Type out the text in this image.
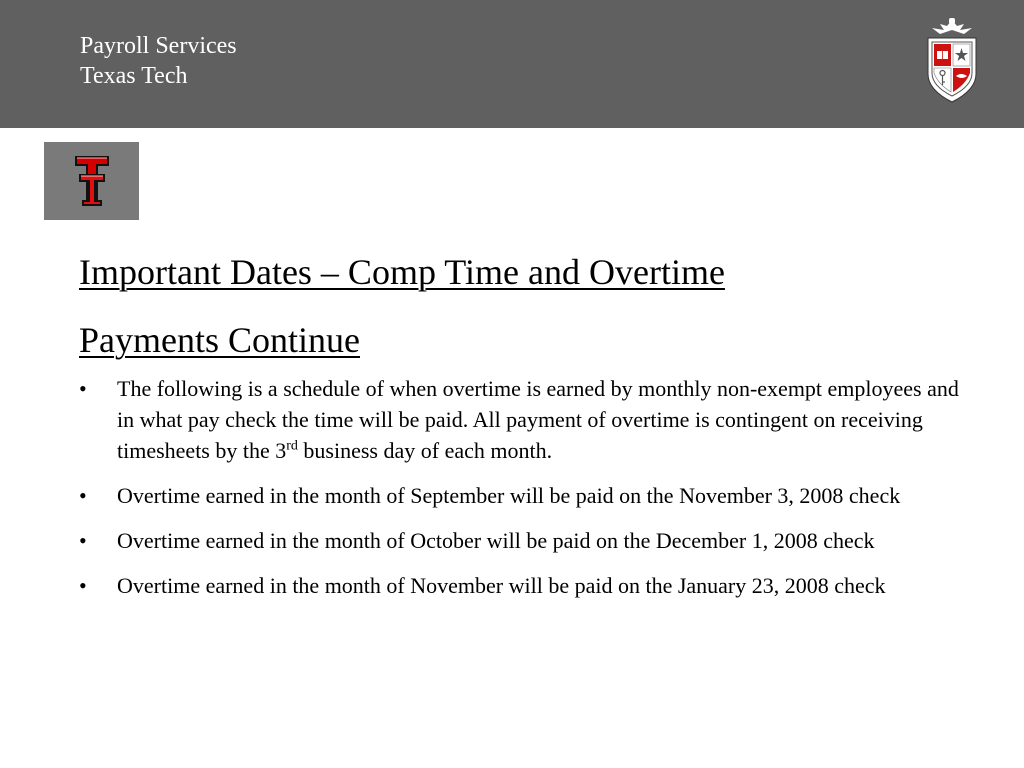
Payroll Services
Texas Tech
Important Dates – Comp Time and Overtime
Payments Continue
• The following is a schedule of when overtime is earned by monthly non-exempt employees and in what pay check the time will be paid. All payment of overtime is contingent on receiving timesheets by the 3rd business day of each month.
• Overtime earned in the month of September will be paid on the November 3, 2008 check
• Overtime earned in the month of October will be paid on the December 1, 2008 check
• Overtime earned in the month of November will be paid on the January 23, 2008 check
